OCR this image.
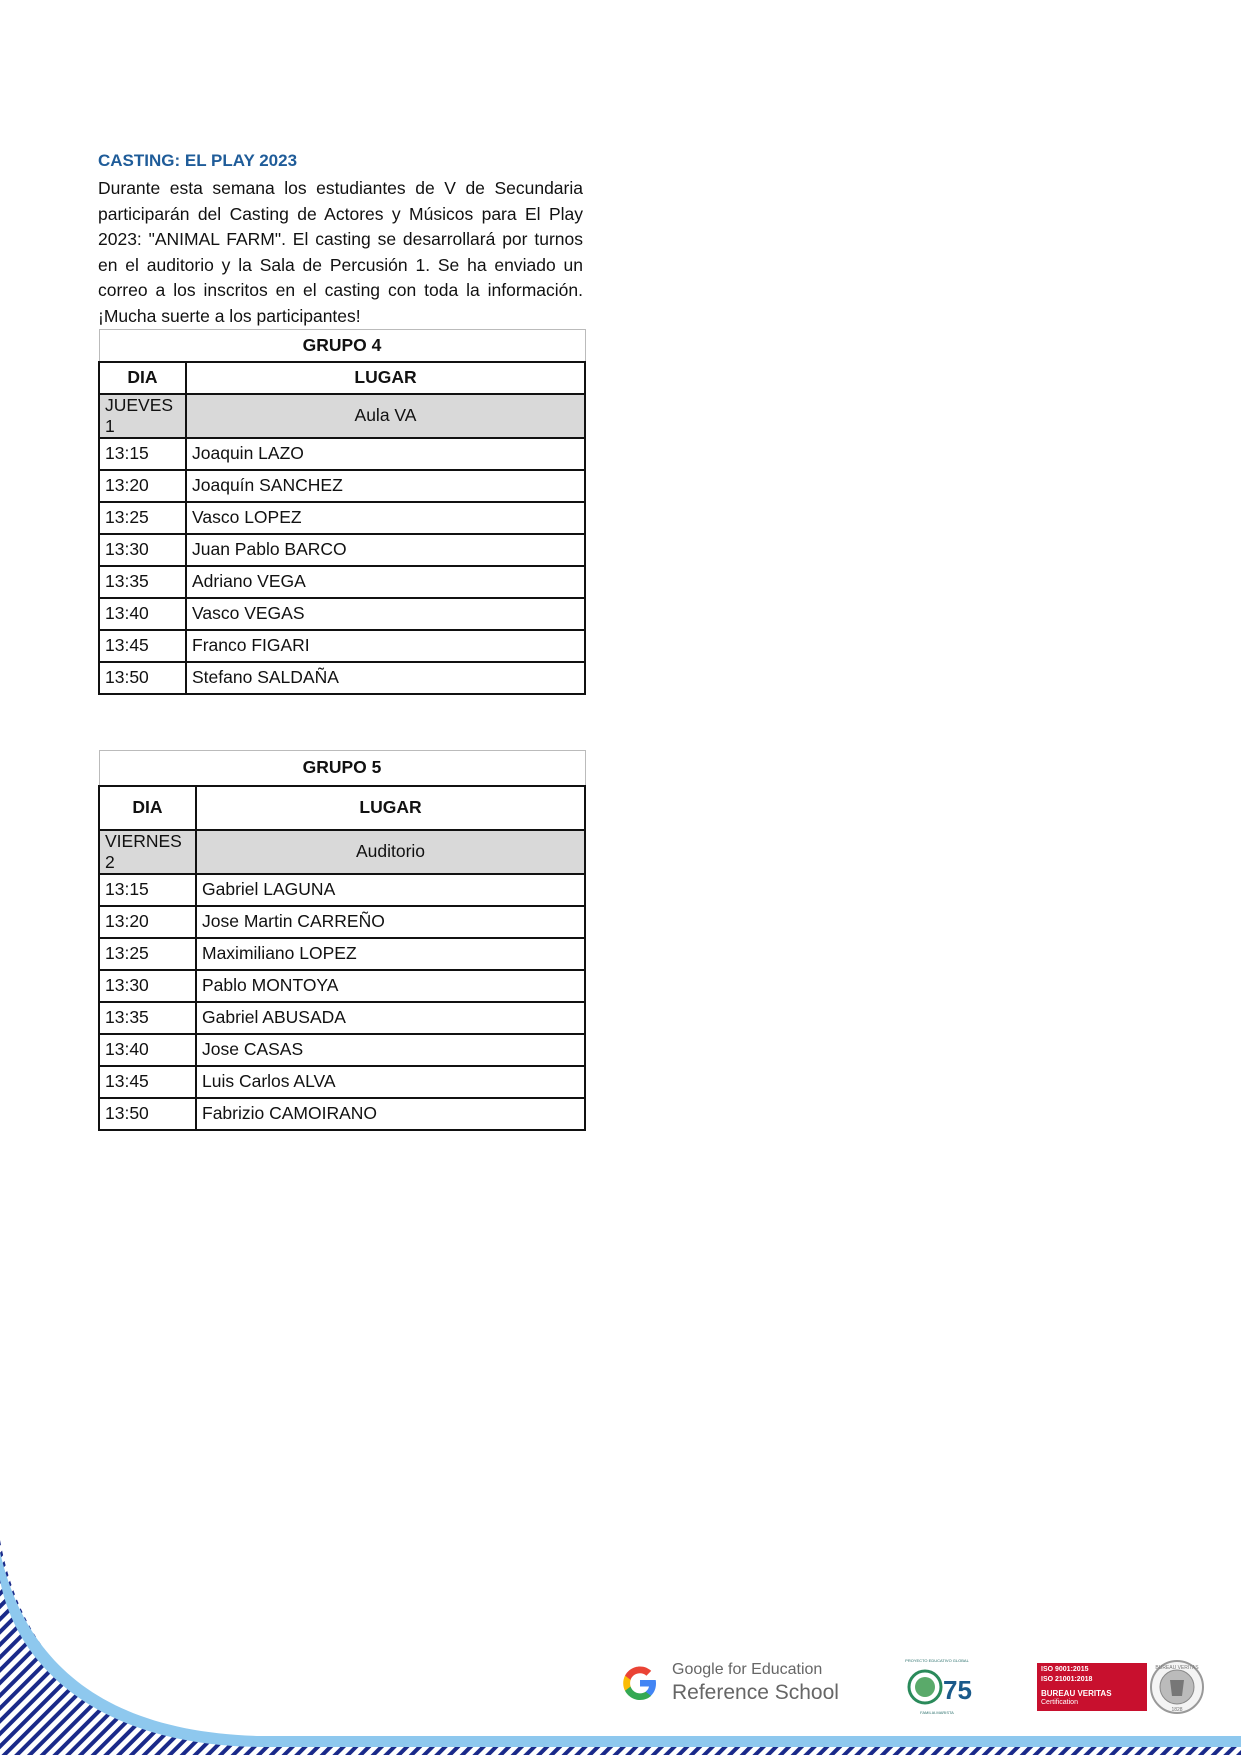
CASTING: EL PLAY 2023
Durante esta semana los estudiantes de V de Secundaria participarán del Casting de Actores y Músicos para El Play 2023: "ANIMAL FARM". El casting se desarrollará por turnos en el auditorio y la Sala de Percusión 1. Se ha enviado un correo a los inscritos en el casting con toda la información. ¡Mucha suerte a los participantes!
GRUPO 4	
DIA	LUGAR
JUEVES 1	Aula VA
13:15	Joaquin LAZO
13:20	Joaquín SANCHEZ
13:25	Vasco LOPEZ
13:30	Juan Pablo BARCO
13:35	Adriano VEGA
13:40	Vasco VEGAS
13:45	Franco FIGARI
13:50	Stefano SALDAÑA
GRUPO 5	
DIA	LUGAR
VIERNES 2	Auditorio
13:15	Gabriel LAGUNA
13:20	Jose Martin CARREÑO
13:25	Maximiliano LOPEZ
13:30	Pablo MONTOYA
13:35	Gabriel ABUSADA
13:40	Jose CASAS
13:45	Luis Carlos ALVA
13:50	Fabrizio CAMOIRANO
Google for Education
Reference School
PROYECTO EDUCATIVO GLOBAL
75
FAMILIA MARISTA
ISO 9001:2015
ISO 21001:2018
BUREAU VERITAS
Certification
BUREAU VERITAS
1828
